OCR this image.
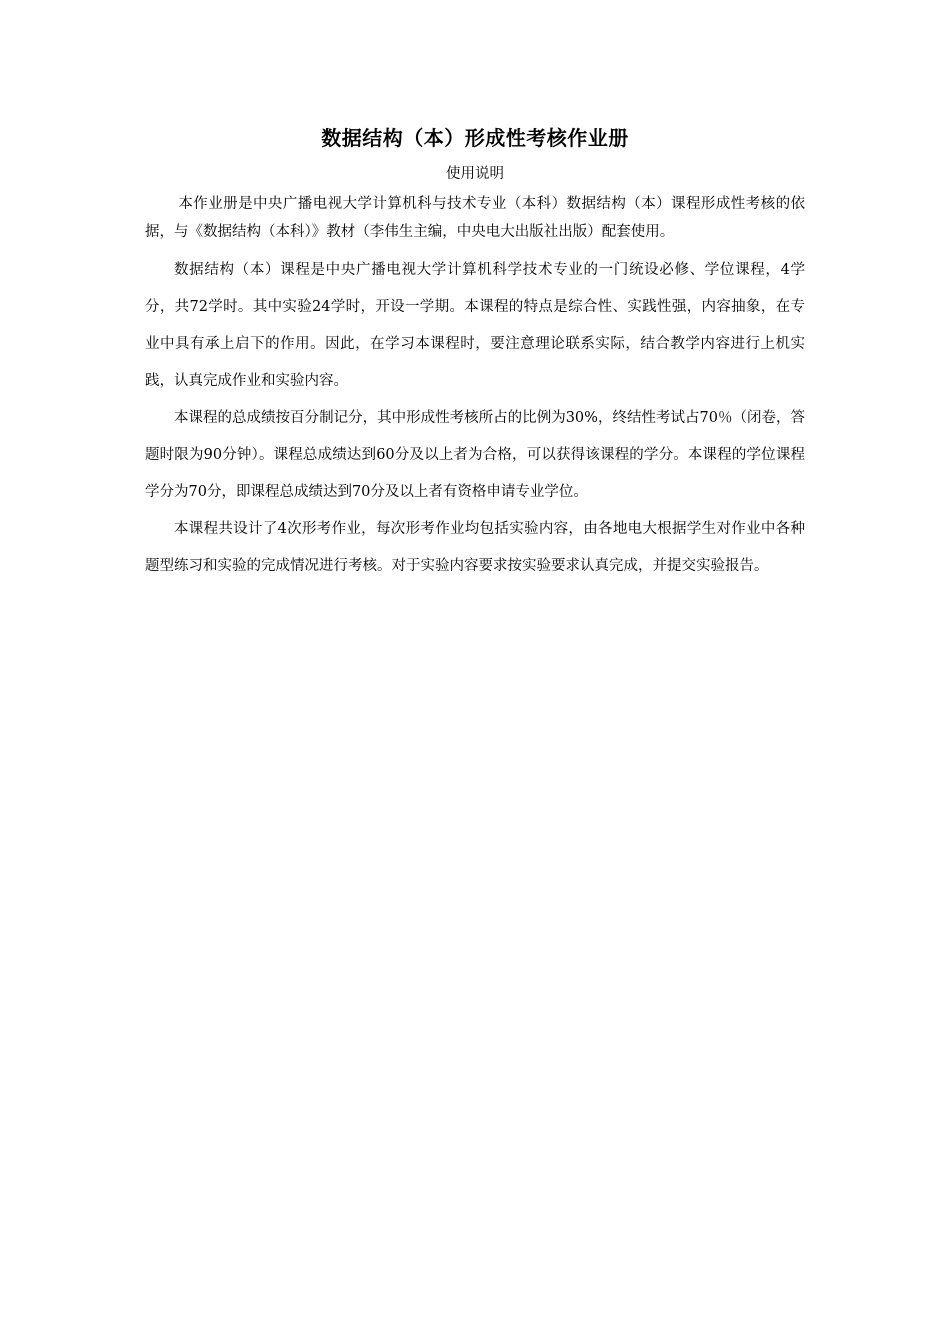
数据结构（本）形成性考核作业册
使用说明

本作业册是中央广播电视大学计算机科与技术专业（本科）数据结构（本）课程形成性考核的依据，与《数据结构（本科）》教材（李伟生主编，中央电大出版社出版）配套使用。

数据结构（本）课程是中央广播电视大学计算机科学技术专业的一门统设必修、学位课程，4学分，共72学时。其中实验24学时，开设一学期。本课程的特点是综合性、实践性强，内容抽象，在专业中具有承上启下的作用。因此，在学习本课程时，要注意理论联系实际，结合教学内容进行上机实践，认真完成作业和实验内容。

本课程的总成绩按百分制记分，其中形成性考核所占的比例为30%，终结性考试占70％（闭卷，答题时限为90分钟）。课程总成绩达到60分及以上者为合格，可以获得该课程的学分。本课程的学位课程学分为70分，即课程总成绩达到70分及以上者有资格申请专业学位。

本课程共设计了4次形考作业，每次形考作业均包括实验内容，由各地电大根据学生对作业中各种题型练习和实验的完成情况进行考核。对于实验内容要求按实验要求认真完成，并提交实验报告。
